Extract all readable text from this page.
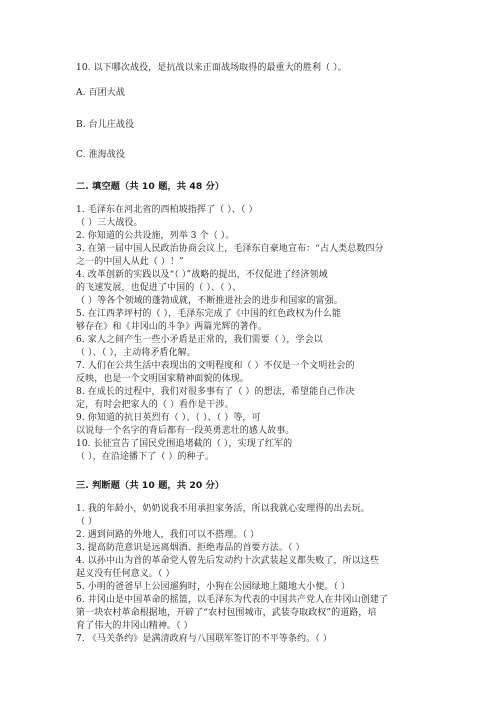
10. 以下哪次战役，是抗战以来正面战场取得的最重大的胜利（ ）。
A. 百团大战
B. 台儿庄战役
C. 淮海战役
二. 填空题（共 10 题，共 48 分）
1. 毛泽东在河北省的西柏坡指挥了（ ）、（ ）
（ ）三大战役。
2. 你知道的公共设施，列举 3 个（ ）。
3. 在第一届中国人民政治协商会议上，毛泽东自豪地宣布：“占人类总数四分
之一的中国人从此（ ）！”
4. 改革创新的实践以及“（ ）”战略的提出，不仅促进了经济领域
的飞速发展，也促进了中国的（ ）、（ ）、
（ ）等各个领域的蓬勃成就，不断推进社会的进步和国家的富强。
5. 在江西茅坪村的（ ），毛泽东完成了《中国的红色政权为什么能
够存在》和《井冈山的斗争》两篇光辉的著作。
6. 家人之间产生一些小矛盾是正常的，我们需要（ ），学会以
（ ）、（ ），主动将矛盾化解。
7. 人们在公共生活中表现出的文明程度和（ ）不仅是一个文明社会的
反映，也是一个文明国家精神面貌的体现。
8. 在成长的过程中，我们对很多事有了（ ）的想法，希望能自己作决
定，有时会把家人的（ ）看作是干涉。
9. 你知道的抗日英烈有（ ）、（ ）、（ ）等，可
以说每一个名字的背后都有一段英勇悲壮的感人故事。
10. 长征宣告了国民党围追堵截的（ ），实现了红军的
（ ），在沿途播下了（ ）的种子。
三. 判断题（共 10 题，共 20 分）
1. 我的年龄小，奶奶说我不用承担家务活，所以我就心安理得的出去玩。
（ ）
2. 遇到问路的外地人，我们可以不搭理。（ ）
3. 提高防范意识是远离烟酒、拒绝毒品的首要方法。（ ）
4. 以孙中山为首的革命党人曾先后发动约十次武装起义都失败了，所以这些
起义没有任何意义。（ ）
5. 小明的爸爸早上公园遛狗时，小狗在公园绿地上随地大小便。（ ）
6. 井冈山是中国革命的摇篮，以毛泽东为代表的中国共产党人在井冈山创建了
第一块农村革命根据地，开辟了“农村包围城市，武装夺取政权”的道路，培
育了伟大的井冈山精神。（ ）
7. 《马关条约》是满清政府与八国联军签订的不平等条约。（ ）
